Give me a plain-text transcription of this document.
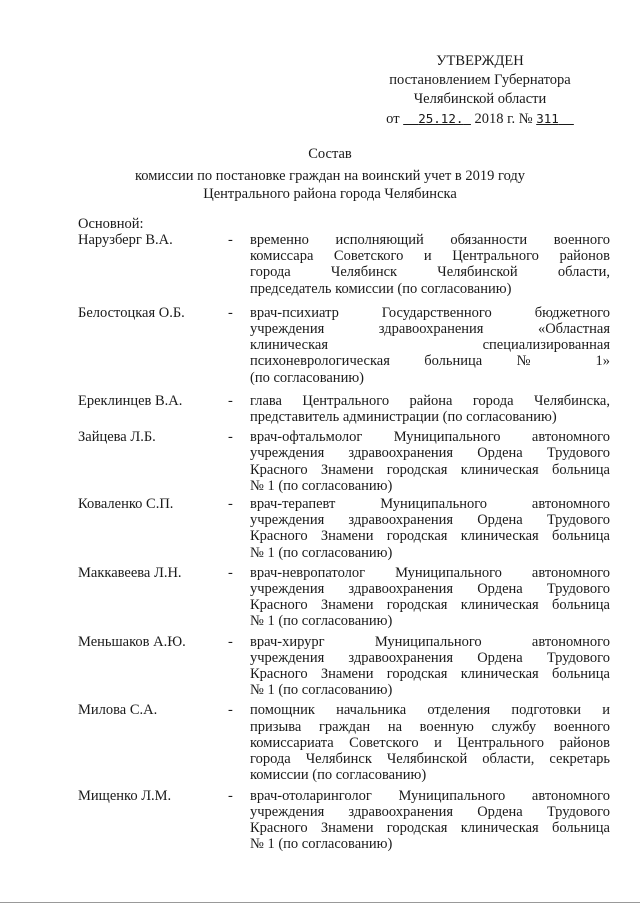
УТВЕРЖДЕН
постановлением Губернатора
Челябинской области
от 25.12. 2018 г. № 311
Состав
комиссии по постановке граждан на воинский учет в 2019 году
Центрального района города Челябинска
Основной:
Нарузберг В.А.	- временно исполняющий обязанности военного
комиссара Советского и Центрального районов
города Челябинск Челябинской области,
председатель комиссии (по согласованию)
Белостоцкая О.Б.	- врач-психиатр Государственного бюджетного
учреждения здравоохранения «Областная
клиническая специализированная
психоневрологическая больница № 1»
(по согласованию)
Ереклинцев В.А.	- глава Центрального района города Челябинска,
представитель администрации (по согласованию)
Зайцева Л.Б.	- врач-офтальмолог Муниципального автономного
учреждения здравоохранения Ордена Трудового
Красного Знамени городская клиническая больница
№ 1 (по согласованию)
Коваленко С.П.	- врач-терапевт Муниципального автономного
учреждения здравоохранения Ордена Трудового
Красного Знамени городская клиническая больница
№ 1 (по согласованию)
Маккавеева Л.Н.	- врач-невропатолог Муниципального автономного
учреждения здравоохранения Ордена Трудового
Красного Знамени городская клиническая больница
№ 1 (по согласованию)
Меньшаков А.Ю.	- врач-хирург Муниципального автономного
учреждения здравоохранения Ордена Трудового
Красного Знамени городская клиническая больница
№ 1 (по согласованию)
Милова С.А.	- помощник начальника отделения подготовки и
призыва граждан на военную службу военного
комиссариата Советского и Центрального районов
города Челябинск Челябинской области, секретарь
комиссии (по согласованию)
Мищенко Л.М.	- врач-отоларинголог Муниципального автономного
учреждения здравоохранения Ордена Трудового
Красного Знамени городская клиническая больница
№ 1 (по согласованию)
